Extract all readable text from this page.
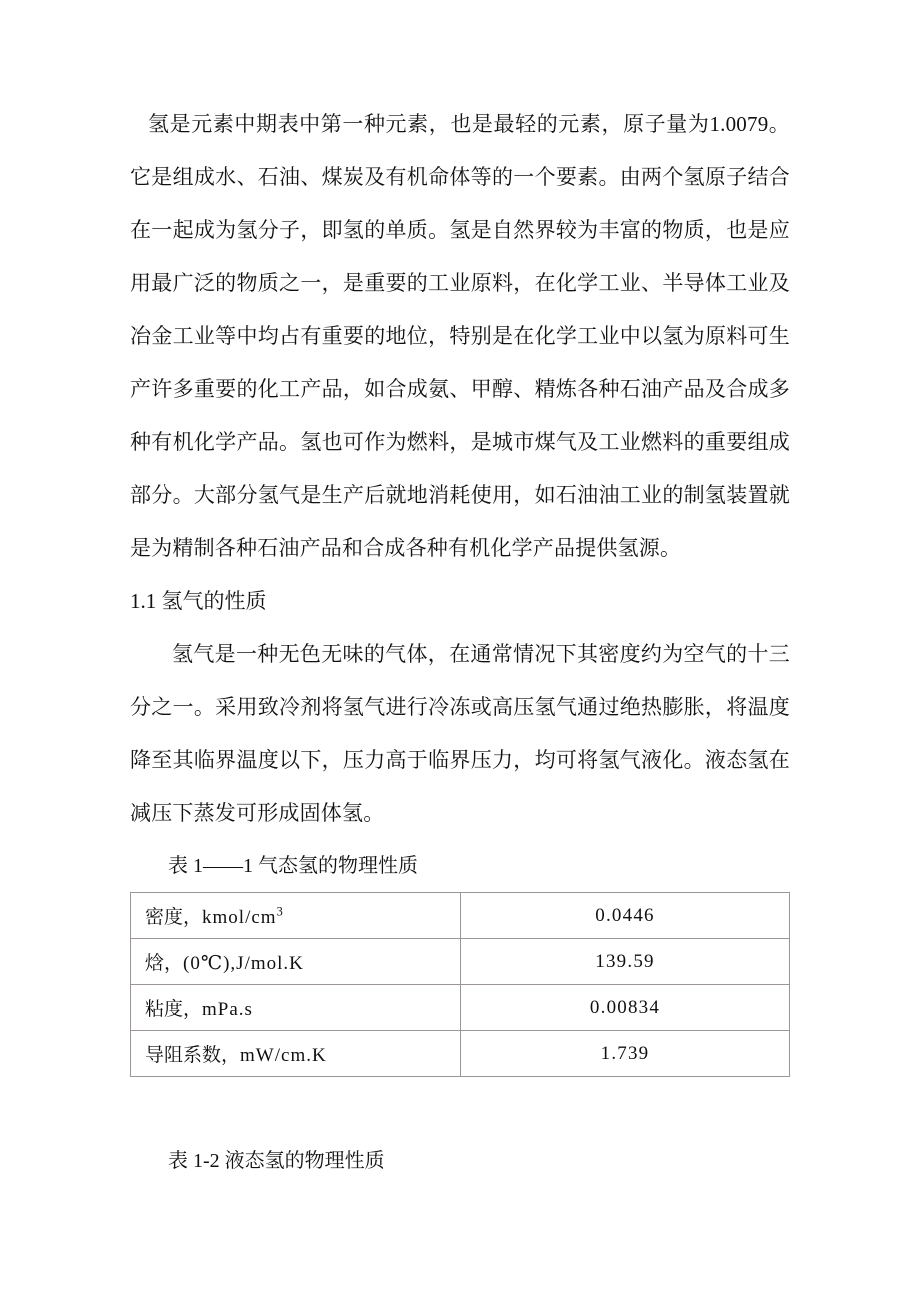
氢是元素中期表中第一种元素，也是最轻的元素，原子量为1.0079。它是组成水、石油、煤炭及有机命体等的一个要素。由两个氢原子结合在一起成为氢分子，即氢的单质。氢是自然界较为丰富的物质，也是应用最广泛的物质之一，是重要的工业原料，在化学工业、半导体工业及冶金工业等中均占有重要的地位，特别是在化学工业中以氢为原料可生产许多重要的化工产品，如合成氨、甲醇、精炼各种石油产品及合成多种有机化学产品。氢也可作为燃料，是城市煤气及工业燃料的重要组成部分。大部分氢气是生产后就地消耗使用，如石油油工业的制氢装置就是为精制各种石油产品和合成各种有机化学产品提供氢源。

1.1 氢气的性质

氢气是一种无色无味的气体，在通常情况下其密度约为空气的十三分之一。采用致冷剂将氢气进行冷冻或高压氢气通过绝热膨胀，将温度降至其临界温度以下，压力高于临界压力，均可将氢气液化。液态氢在减压下蒸发可形成固体氢。

表 1——1 气态氢的物理性质

密度，kmol/$cm^3$	0.0446
焓，(0℃),J/mol.K	139.59
粘度，mPa.s	0.00834
导阻系数，mW/cm.K	1.739

表 1-2 液态氢的物理性质
